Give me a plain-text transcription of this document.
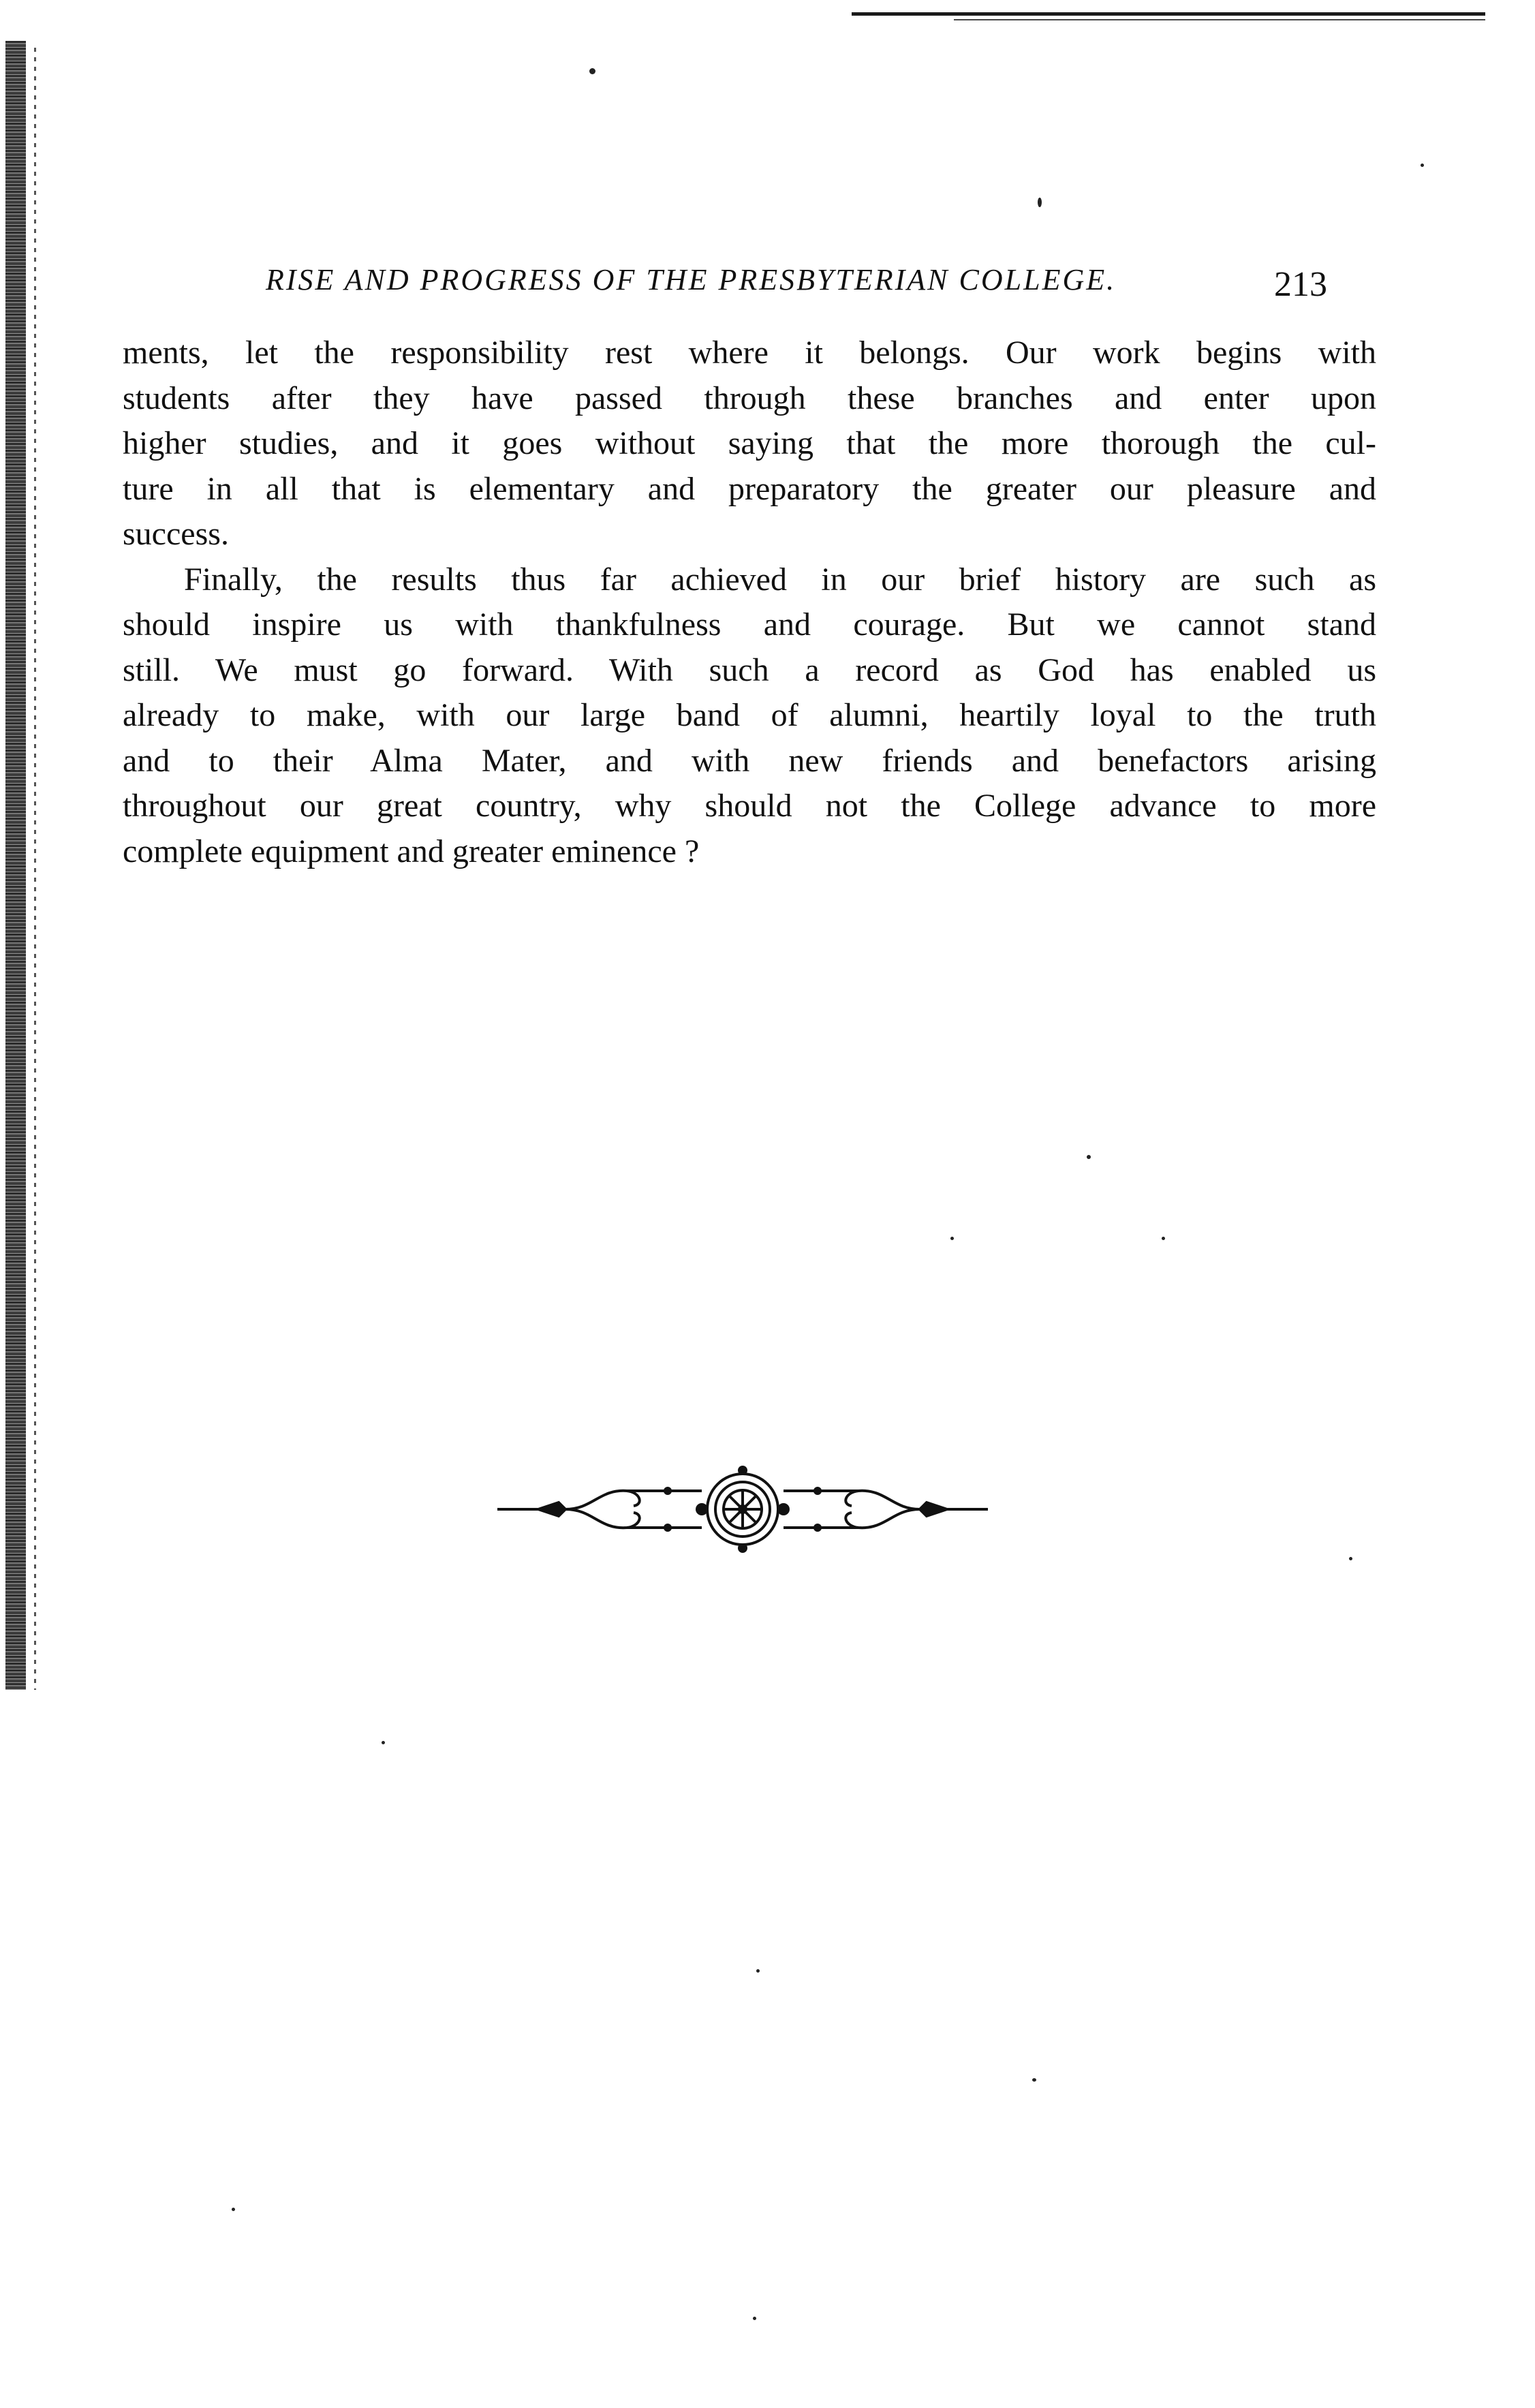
RISE AND PROGRESS OF THE PRESBYTERIAN COLLEGE.	213
ments, let the responsibility rest where it belongs. Our work begins with
students after they have passed through these branches and enter upon
higher studies, and it goes without saying that the more thorough the cul-
ture in all that is elementary and preparatory the greater our pleasure and
success.
Finally, the results thus far achieved in our brief history are such as
should inspire us with thankfulness and courage. But we cannot stand
still. We must go forward. With such a record as God has enabled us
already to make, with our large band of alumni, heartily loyal to the truth
and to their Alma Mater, and with new friends and benefactors arising
throughout our great country, why should not the College advance to more
complete equipment and greater eminence ?
